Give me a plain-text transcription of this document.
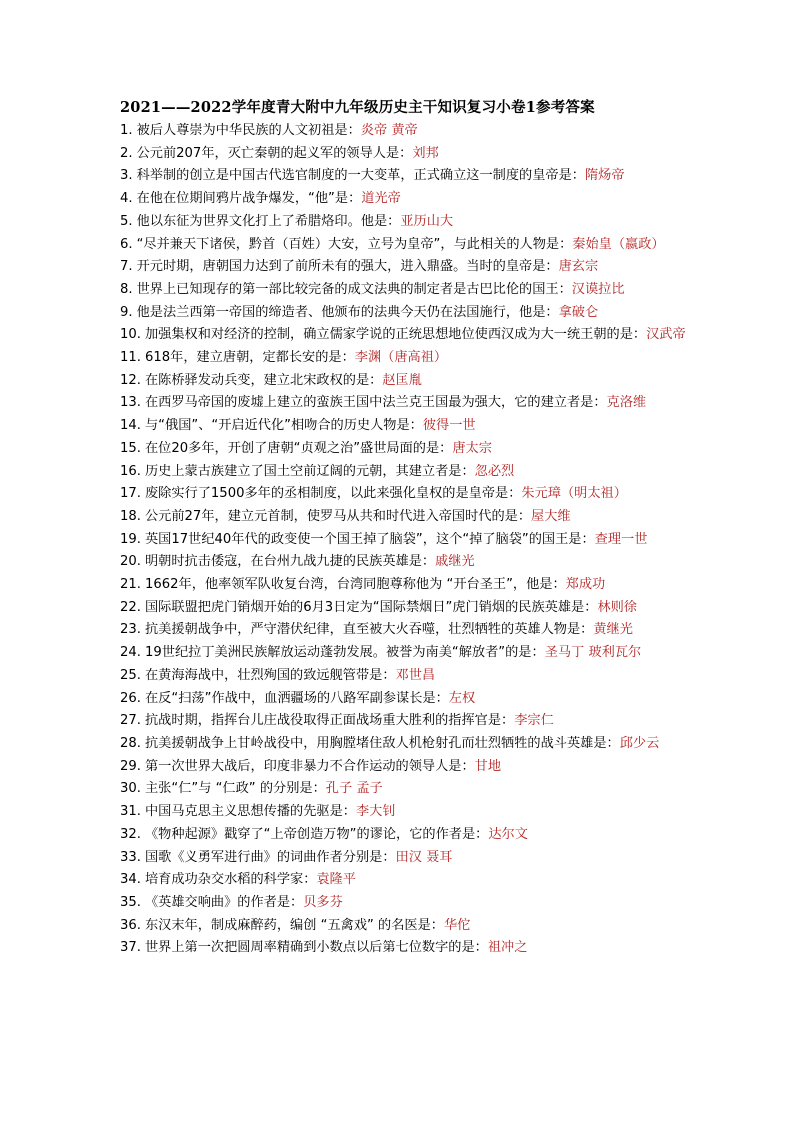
2021——2022学年度青大附中九年级历史主干知识复习小卷1参考答案
1. 被后人尊崇为中华民族的人文初祖是：炎帝 黄帝
2. 公元前207年，灭亡秦朝的起义军的领导人是：刘邦
3. 科举制的创立是中国古代选官制度的一大变革，正式确立这一制度的皇帝是：隋炀帝
4. 在他在位期间鸦片战争爆发，“他”是：道光帝
5. 他以东征为世界文化打上了希腊烙印。他是：亚历山大
6. “尽并兼天下诸侯，黔首（百姓）大安，立号为皇帝”，与此相关的人物是：秦始皇（嬴政）
7. 开元时期，唐朝国力达到了前所未有的强大，进入鼎盛。当时的皇帝是：唐玄宗
8. 世界上已知现存的第一部比较完备的成文法典的制定者是古巴比伦的国王：汉谟拉比
9. 他是法兰西第一帝国的缔造者、他颁布的法典今天仍在法国施行，他是：拿破仑
10. 加强集权和对经济的控制，确立儒家学说的正统思想地位使西汉成为大一统王朝的是：汉武帝
11. 618年，建立唐朝，定都长安的是：李渊（唐高祖）
12. 在陈桥驿发动兵变，建立北宋政权的是：赵匡胤
13. 在西罗马帝国的废墟上建立的蛮族王国中法兰克王国最为强大，它的建立者是：克洛维
14. 与“俄国”、“开启近代化”相吻合的历史人物是：彼得一世
15. 在位20多年，开创了唐朝“贞观之治”盛世局面的是：唐太宗
16. 历史上蒙古族建立了国土空前辽阔的元朝，其建立者是：忽必烈
17. 废除实行了1500多年的丞相制度，以此来强化皇权的是皇帝是：朱元璋（明太祖）
18. 公元前27年，建立元首制，使罗马从共和时代进入帝国时代的是：屋大维
19. 英国17世纪40年代的政变使一个国王掉了脑袋”，这个“掉了脑袋”的国王是：查理一世
20. 明朝时抗击倭寇，在台州九战九捷的民族英雄是：戚继光
21. 1662年，他率领军队收复台湾，台湾同胞尊称他为 “开台圣王”，他是：郑成功
22. 国际联盟把虎门销烟开始的6月3日定为“国际禁烟日”虎门销烟的民族英雄是：林则徐
23. 抗美援朝战争中，严守潜伏纪律，直至被大火吞噬，壮烈牺牲的英雄人物是：黄继光
24. 19世纪拉丁美洲民族解放运动蓬勃发展。被誉为南美“解放者”的是：圣马丁 玻利瓦尔
25. 在黄海海战中，壮烈殉国的致远舰管带是：邓世昌
26. 在反“扫荡”作战中，血洒疆场的八路军副参谋长是：左权
27. 抗战时期，指挥台儿庄战役取得正面战场重大胜利的指挥官是：李宗仁
28. 抗美援朝战争上甘岭战役中，用胸膛堵住敌人机枪射孔而壮烈牺牲的战斗英雄是：邱少云
29. 第一次世界大战后，印度非暴力不合作运动的领导人是：甘地
30. 主张“仁”与 “仁政” 的分别是：孔子 孟子
31. 中国马克思主义思想传播的先驱是：李大钊
32. 《物种起源》戳穿了“上帝创造万物”的谬论，它的作者是：达尔文
33. 国歌《义勇军进行曲》的词曲作者分别是：田汉 聂耳
34. 培育成功杂交水稻的科学家：袁隆平
35. 《英雄交响曲》的作者是：贝多芬
36. 东汉末年，制成麻醉药，编创 “五禽戏” 的名医是：华佗
37. 世界上第一次把圆周率精确到小数点以后第七位数字的是：祖冲之
